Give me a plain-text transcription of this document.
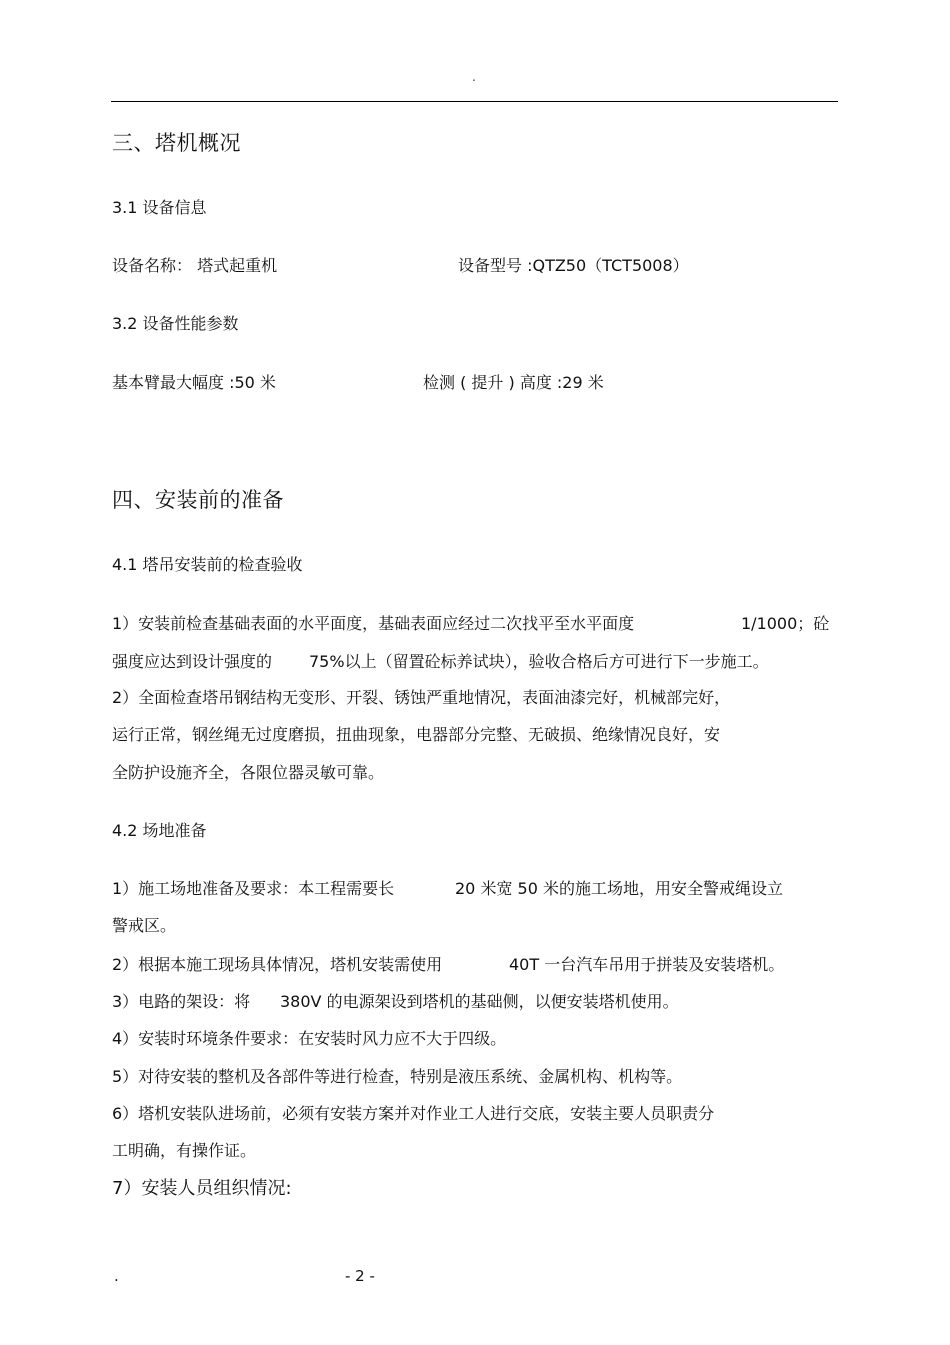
.
三、塔机概况
3.1 设备信息
设备名称： 塔式起重机	设备型号 :QTZ50（TCT5008）
3.2 设备性能参数
基本臂最大幅度 :50 米	检测 ( 提升 ) 高度 :29 米
四、安装前的准备
4.1 塔吊安装前的检查验收
1）安装前检查基础表面的水平面度，基础表面应经过二次找平至水平面度	1/1000；砼
强度应达到设计强度的 75%以上（留置砼标养试块），验收合格后方可进行下一步施工。
2）全面检查塔吊钢结构无变形、开裂、锈蚀严重地情况，表面油漆完好，机械部完好，
运行正常，钢丝绳无过度磨损，扭曲现象，电器部分完整、无破损、绝缘情况良好，安
全防护设施齐全，各限位器灵敏可靠。
4.2 场地准备
1）施工场地准备及要求：本工程需要长	20 米宽 50 米的施工场地，用安全警戒绳设立
警戒区。
2）根据本施工现场具体情况，塔机安装需使用	40T 一台汽车吊用于拼装及安装塔机。
3）电路的架设：将 380V 的电源架设到塔机的基础侧，以便安装塔机使用。
4）安装时环境条件要求：在安装时风力应不大于四级。
5）对待安装的整机及各部件等进行检查，特别是液压系统、金属机构、机构等。
6）塔机安装队进场前，必须有安装方案并对作业工人进行交底，安装主要人员职责分
工明确，有操作证。
7）安装人员组织情况:
.	- 2 -
